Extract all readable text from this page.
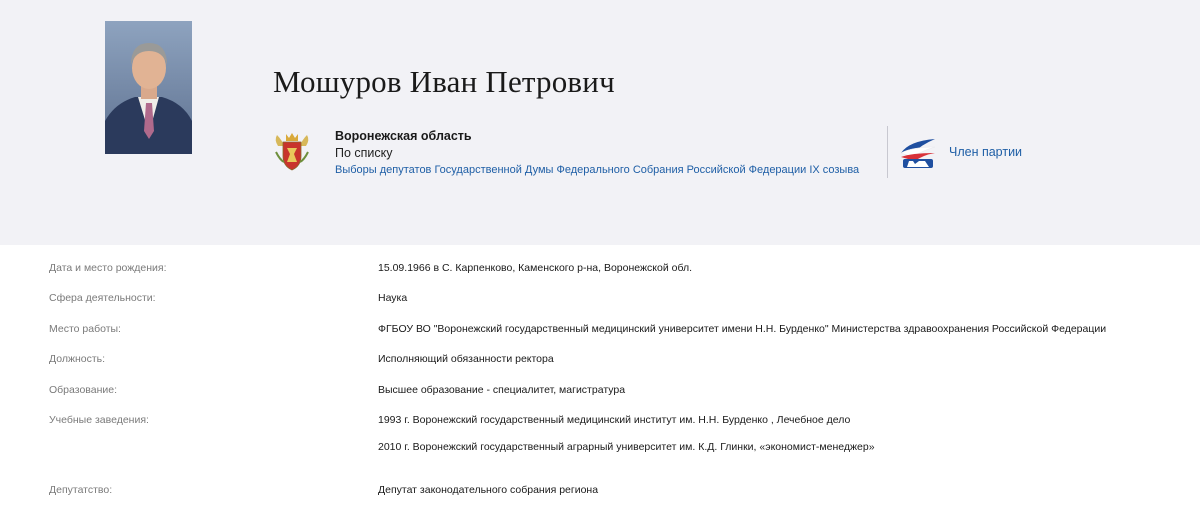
Мошуров Иван Петрович
Воронежская область
По списку
Выборы депутатов Государственной Думы Федерального Собрания Российской Федерации IX созыва
Член партии
Дата и место рождения:	15.09.1966 в С. Карпенково, Каменского р-на, Воронежской обл.
Сфера деятельности:	Наука
Место работы:	ФГБОУ ВО "Воронежский государственный медицинский университет имени Н.Н. Бурденко" Министерства здравоохранения Российской Федерации
Должность:	Исполняющий обязанности ректора
Образование:	Высшее образование - специалитет, магистратура
Учебные заведения:	1993 г. Воронежский государственный медицинский институт им. Н.Н. Бурденко , Лечебное дело
2010 г. Воронежский государственный аграрный университет им. К.Д. Глинки, «экономист-менеджер»
Депутатство:	Депутат законодательного собрания региона
